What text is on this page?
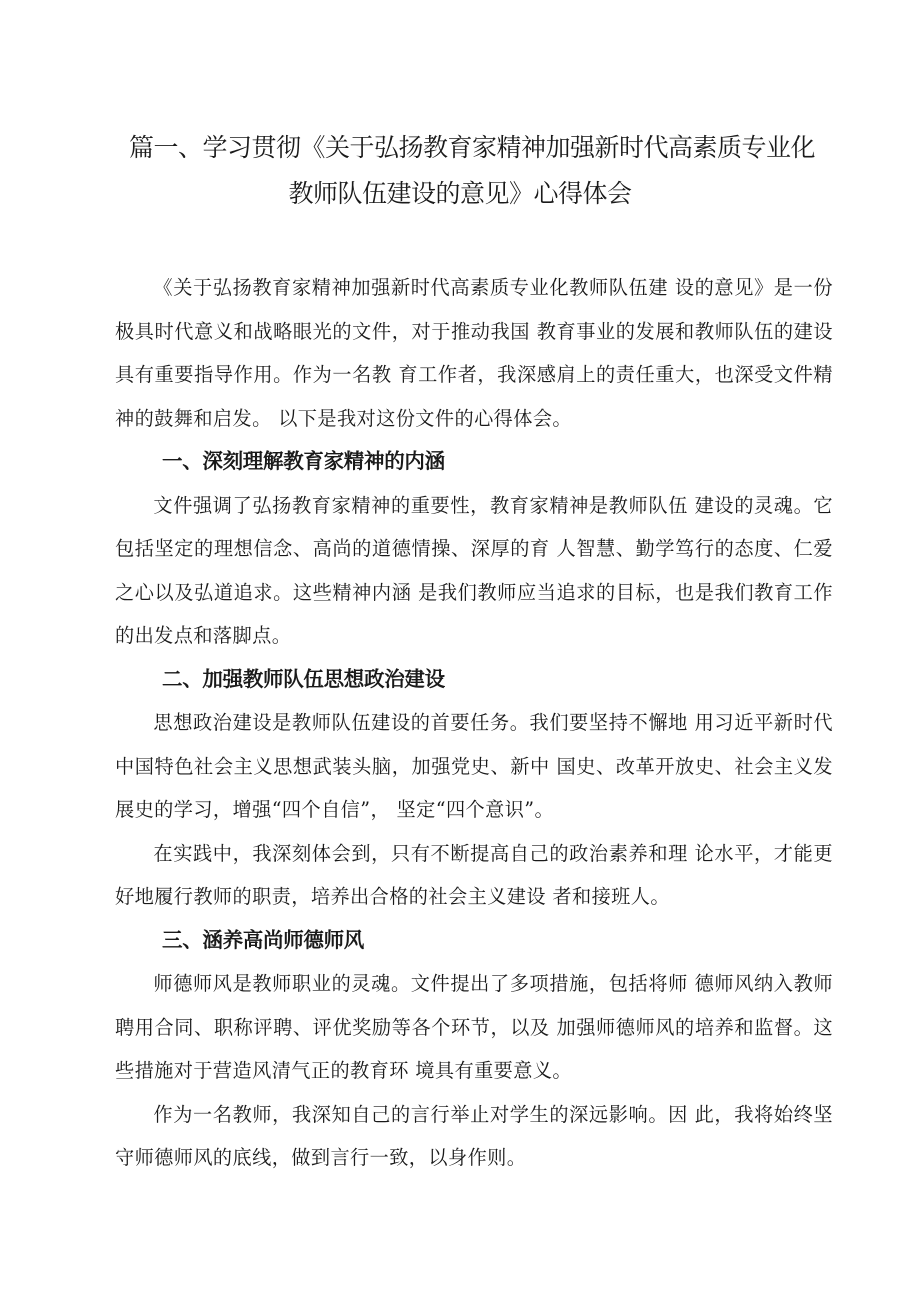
篇一、学习贯彻《关于弘扬教育家精神加强新时代高素质专业化
教师队伍建设的意见》心得体会

《关于弘扬教育家精神加强新时代高素质专业化教师队伍建 设的意见》是一份极具时代意义和战略眼光的文件，对于推动我国 教育事业的发展和教师队伍的建设具有重要指导作用。作为一名教 育工作者，我深感肩上的责任重大，也深受文件精神的鼓舞和启发。 以下是我对这份文件的心得体会。

一、深刻理解教育家精神的内涵

文件强调了弘扬教育家精神的重要性，教育家精神是教师队伍 建设的灵魂。它包括坚定的理想信念、高尚的道德情操、深厚的育 人智慧、勤学笃行的态度、仁爱之心以及弘道追求。这些精神内涵 是我们教师应当追求的目标，也是我们教育工作的出发点和落脚点。

二、加强教师队伍思想政治建设

思想政治建设是教师队伍建设的首要任务。我们要坚持不懈地 用习近平新时代中国特色社会主义思想武装头脑，加强党史、新中 国史、改革开放史、社会主义发展史的学习，增强“四个自信”， 坚定“四个意识”。

在实践中，我深刻体会到，只有不断提高自己的政治素养和理 论水平，才能更好地履行教师的职责，培养出合格的社会主义建设 者和接班人。

三、涵养高尚师德师风

师德师风是教师职业的灵魂。文件提出了多项措施，包括将师 德师风纳入教师聘用合同、职称评聘、评优奖励等各个环节，以及 加强师德师风的培养和监督。这些措施对于营造风清气正的教育环 境具有重要意义。

作为一名教师，我深知自己的言行举止对学生的深远影响。因 此，我将始终坚守师德师风的底线，做到言行一致，以身作则。
